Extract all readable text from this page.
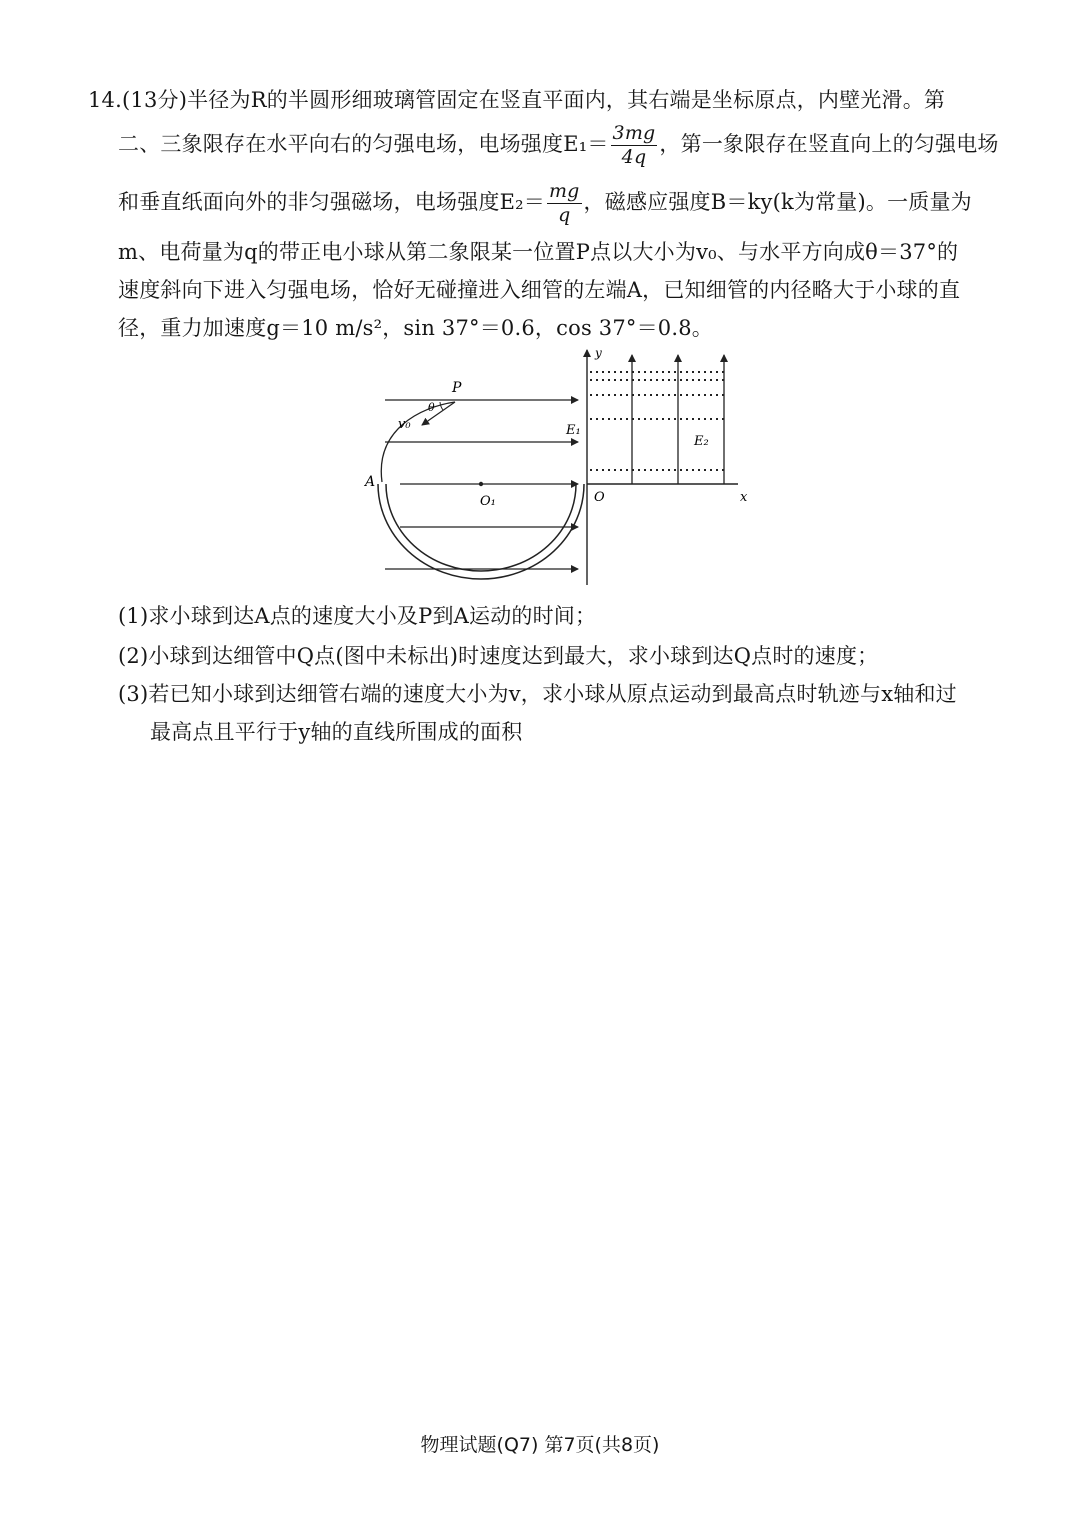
14.(13分)半径为R的半圆形细玻璃管固定在竖直平面内，其右端是坐标原点，内壁光滑。第
二、三象限存在水平向右的匀强电场，电场强度$E_1= \frac{3mg}{4q}$ ，第一象限存在竖直向上的匀强电场
和垂直纸面向外的非匀强磁场，电场强度$E_2= \frac{mg}{q}$ ，磁感应强度B＝ky(k为常量)。一质量为
m、电荷量为q的带正电小球从第二象限某一位置P点以大小为v₀、与水平方向成θ＝37°的
速度斜向下进入匀强电场，恰好无碰撞进入细管的左端A，已知细管的内径略大于小球的直
径，重力加速度g＝10 m/s²，sin 37°＝0.6，cos 37°＝0.8。
P
v₀
θ
E₁
E₂
A
O₁	O	x
y
(1)求小球到达A点的速度大小及P到A运动的时间；
(2)小球到达细管中Q点(图中未标出)时速度达到最大，求小球到达Q点时的速度；
(3)若已知小球到达细管右端的速度大小为v，求小球从原点运动到最高点时轨迹与x轴和过
最高点且平行于y轴的直线所围成的面积
物理试题(Q7) 第7页(共8页)
